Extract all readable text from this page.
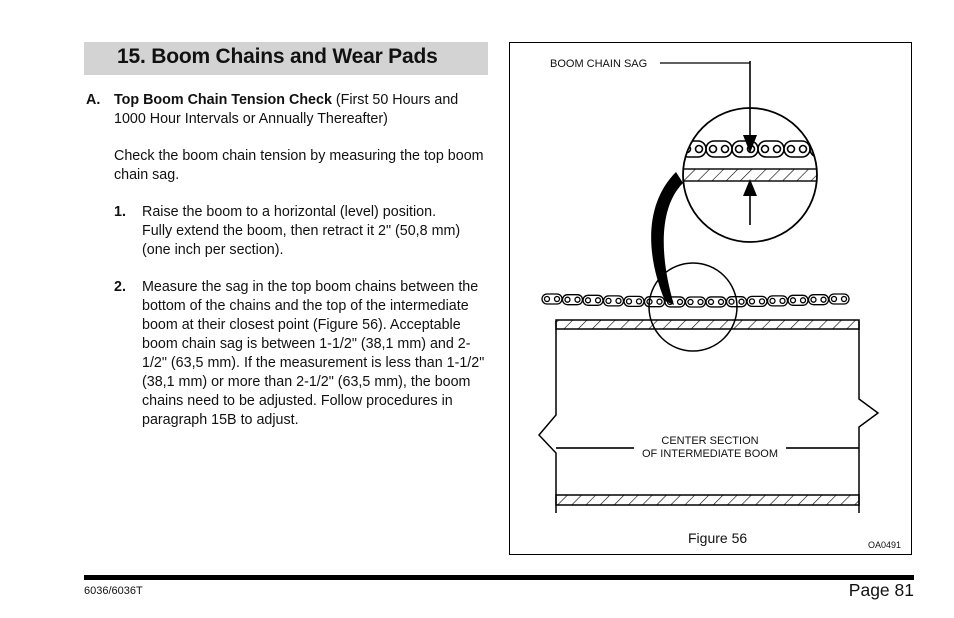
15. Boom Chains and Wear Pads
A. Top Boom Chain Tension Check (First 50 Hours and 1000 Hour Intervals or Annually Thereafter)
Check the boom chain tension by measuring the top boom chain sag.
1. Raise the boom to a horizontal (level) position. Fully extend the boom, then retract it 2" (50,8 mm) (one inch per section).
2. Measure the sag in the top boom chains between the bottom of the chains and the top of the intermediate boom at their closest point (Figure 56). Acceptable boom chain sag is between 1-1/2" (38,1 mm) and 2-1/2" (63,5 mm). If the measurement is less than 1-1/2" (38,1 mm) or more than 2-1/2" (63,5 mm), the boom chains need to be adjusted. Follow procedures in paragraph 15B to adjust.
BOOM CHAIN SAG
CENTER SECTION
OF INTERMEDIATE BOOM
Figure 56	OA0491
6036/6036T	Page 81
